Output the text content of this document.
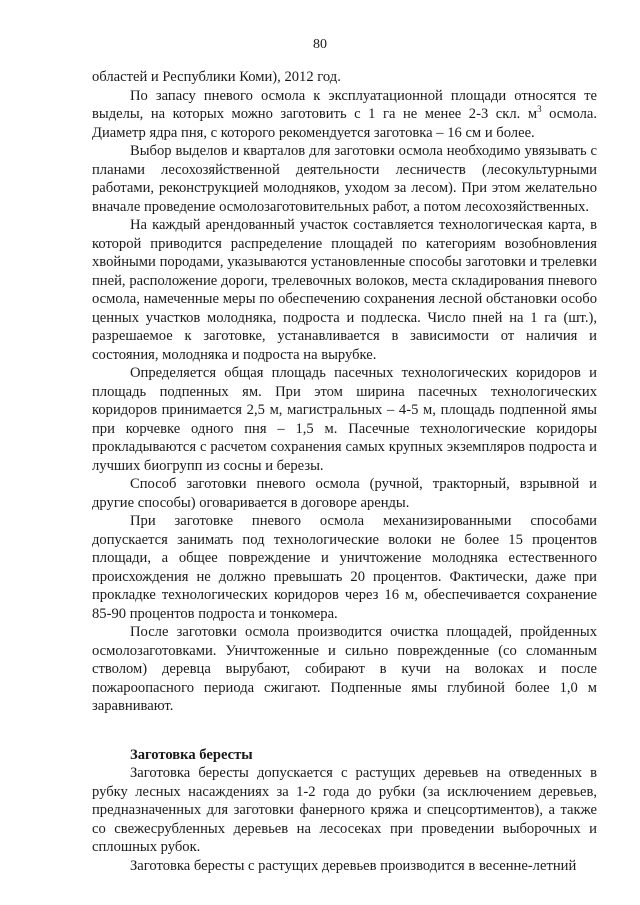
80

областей и Республики Коми), 2012 год.

По запасу пневого осмола к эксплуатационной площади относятся те выделы, на которых можно заготовить с 1 га не менее 2-3 скл. $м^3$ осмола. Диаметр ядра пня, с которого рекомендуется заготовка – 16 см и более.

Выбор выделов и кварталов для заготовки осмола необходимо увязывать с планами лесохозяйственной деятельности лесничеств (лесокультурными работами, реконструкцией молодняков, уходом за лесом). При этом желательно вначале проведение осмолозаготовительных работ, а потом лесохозяйственных.

На каждый арендованный участок составляется технологическая карта, в которой приводится распределение площадей по категориям возобновления хвойными породами, указываются установленные способы заготовки и трелевки пней, расположение дороги, трелевочных волоков, места складирования пневого осмола, намеченные меры по обеспечению сохранения лесной обстановки особо ценных участков молодняка, подроста и подлеска. Число пней на 1 га (шт.), разрешаемое к заготовке, устанавливается в зависимости от наличия и состояния, молодняка и подроста на вырубке.

Определяется общая площадь пасечных технологических коридоров и площадь подпенных ям. При этом ширина пасечных технологических коридоров принимается 2,5 м, магистральных – 4-5 м, площадь подпенной ямы при корчевке одного пня – 1,5 м. Пасечные технологические коридоры прокладываются с расчетом сохранения самых крупных экземпляров подроста и лучших биогрупп из сосны и березы.

Способ заготовки пневого осмола (ручной, тракторный, взрывной и другие способы) оговаривается в договоре аренды.

При заготовке пневого осмола механизированными способами допускается занимать под технологические волоки не более 15 процентов площади, а общее повреждение и уничтожение молодняка естественного происхождения не должно превышать 20 процентов. Фактически, даже при прокладке технологических коридоров через 16 м, обеспечивается сохранение 85-90 процентов подроста и тонкомера.

После заготовки осмола производится очистка площадей, пройденных осмолозаготовками. Уничтоженные и сильно поврежденные (со сломанным стволом) деревца вырубают, собирают в кучи на волоках и после пожароопасного периода сжигают. Подпенные ямы глубиной более 1,0 м заравнивают.

Заготовка бересты

Заготовка бересты допускается с растущих деревьев на отведенных в рубку лесных насаждениях за 1-2 года до рубки (за исключением деревьев, предназначенных для заготовки фанерного кряжа и спецсортиментов), а также со свежесрубленных деревьев на лесосеках при проведении выборочных и сплошных рубок.

Заготовка бересты с растущих деревьев производится в весенне-летний
